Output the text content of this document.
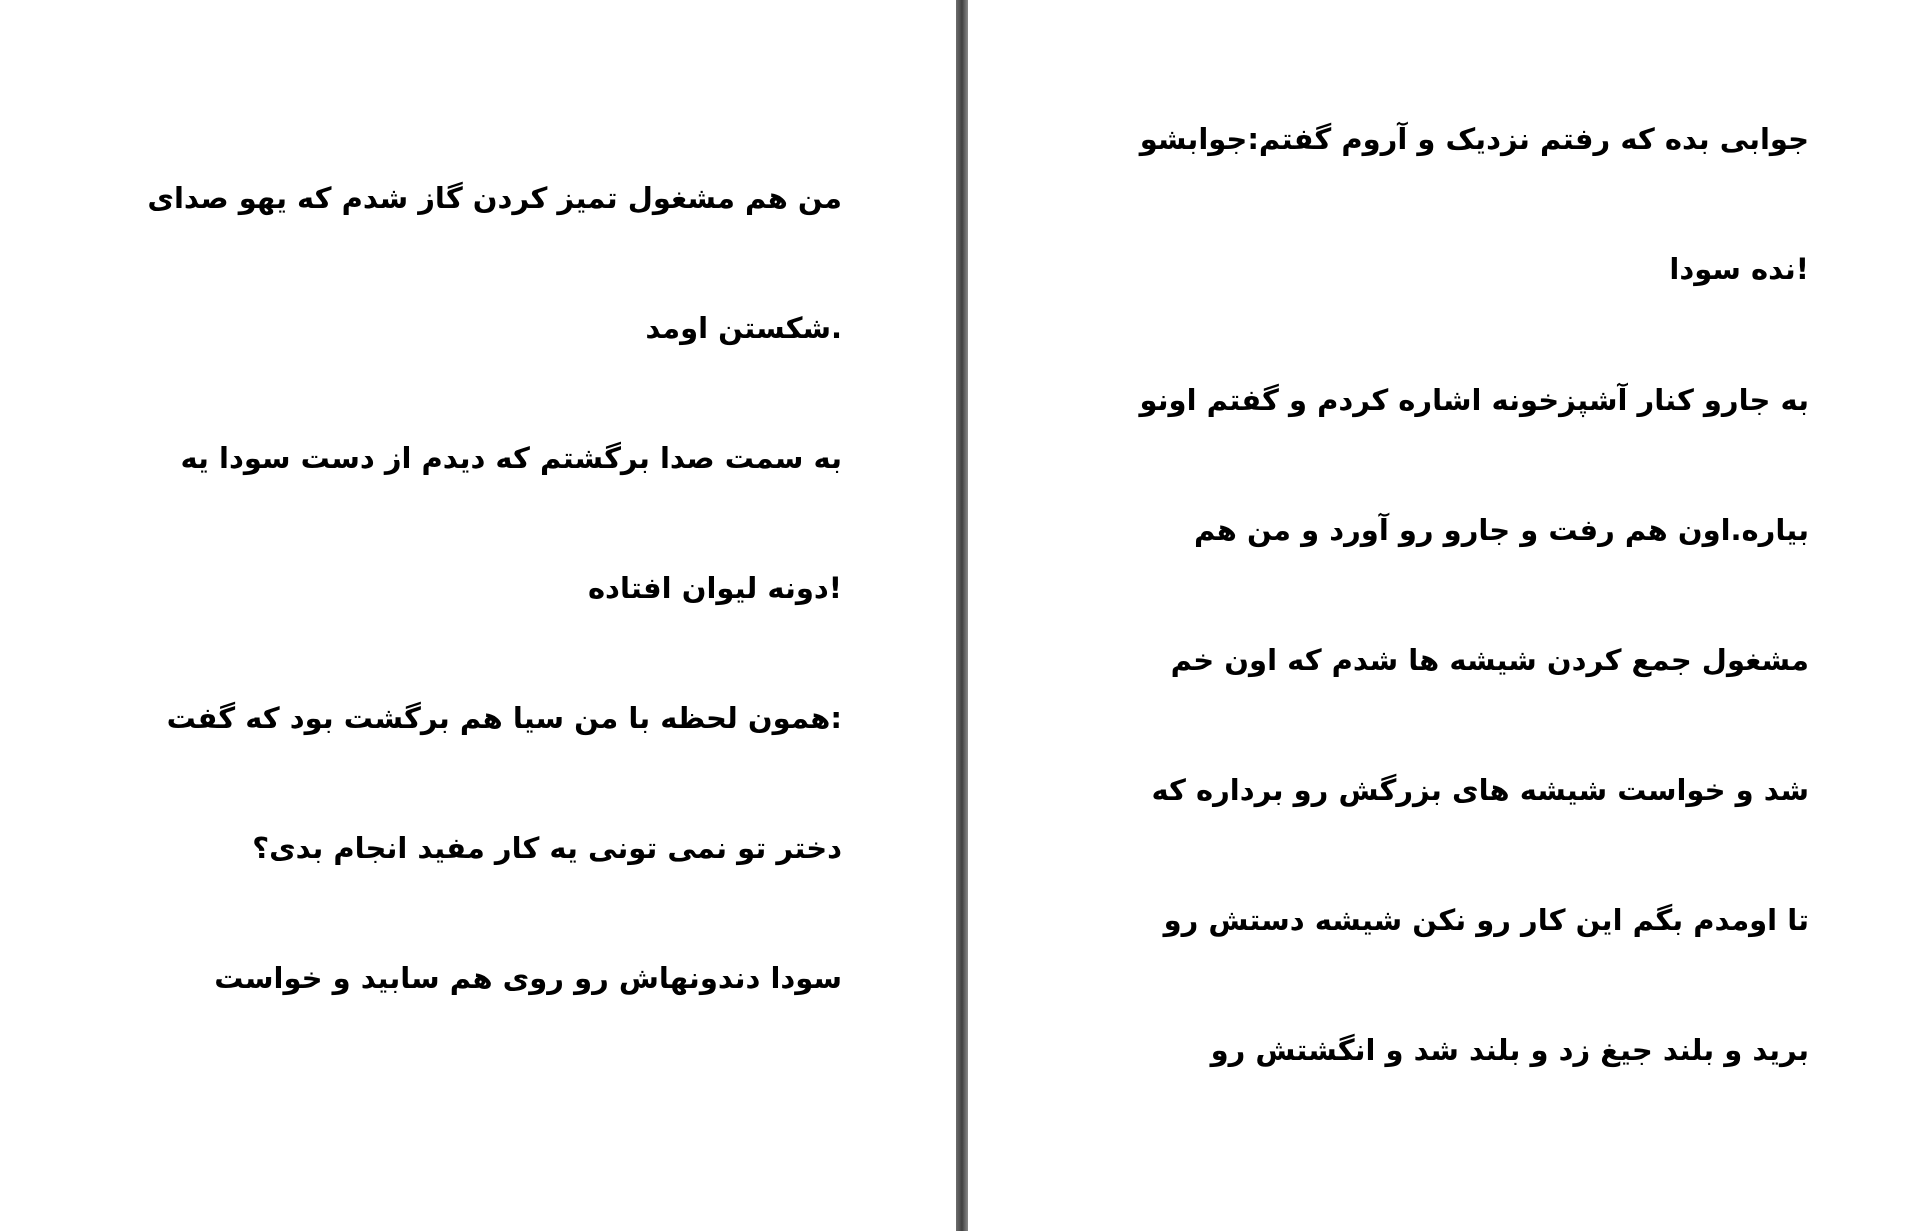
من هم مشغول تمیز کردن گاز شدم که یهو صدای
.شکستن اومد
به سمت صدا برگشتم که دیدم از دست سودا یه
!دونه لیوان افتاده
:همون لحظه با من سیا هم برگشت بود که گفت
دختر تو نمی تونی یه کار مفید انجام بدی؟
سودا دندونهاش رو روی هم سابید و خواست
جوابی بده که رفتم نزدیک و آروم گفتم:جوابشو
!نده سودا
به جارو کنار آشپزخونه اشاره کردم و گفتم اونو
بیاره.اون هم رفت و جارو رو آورد و من هم
مشغول جمع کردن شیشه ها شدم که اون خم
شد و خواست شیشه های بزرگش رو برداره که
تا اومدم بگم این کار رو نکن شیشه دستش رو
برید و بلند جیغ زد و بلند شد و انگشتش رو
